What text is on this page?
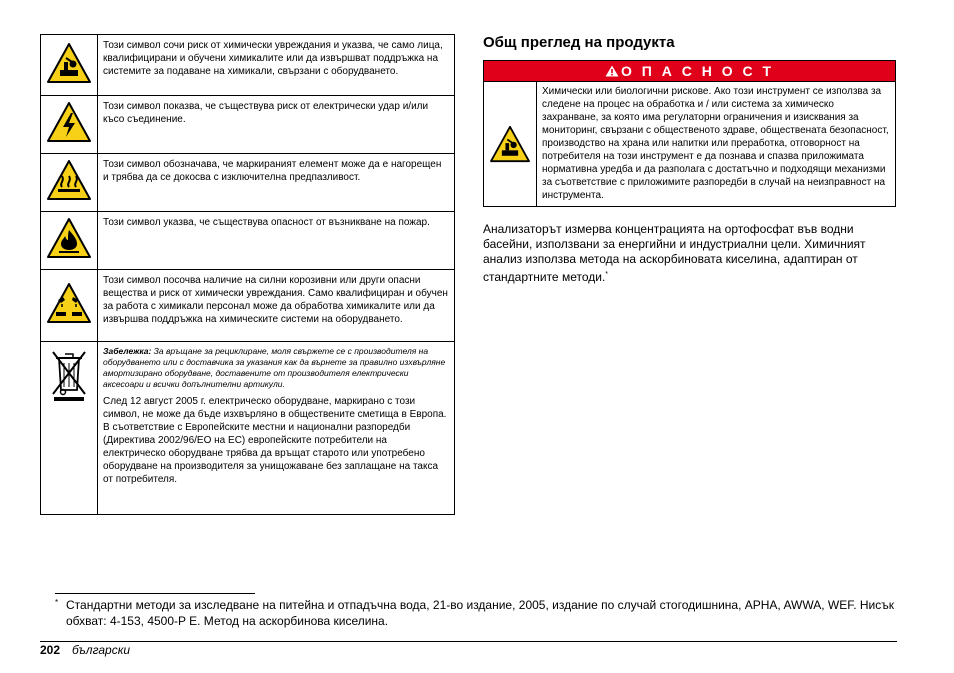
	Този символ сочи риск от химически увреждания и указва, че само лица, квалифицирани и обучени химикалите или да извършват поддръжка на системите за подаване на химикали, свързани с оборудването.
	Този символ показва, че съществува риск от електрически удар и/или късо съединение.
	Този символ обозначава, че маркираният елемент може да е нагорещен и трябва да се докосва с изключителна предпазливост.
	Този символ указва, че съществува опасност от възникване на пожар.
	Този символ посочва наличие на силни корозивни или други опасни вещества и риск от химически увреждания. Само квалифициран и обучен за работа с химикали персонал може да обработва химикалите или да извършва поддръжка на химическите системи на оборудването.

Забележка: За връщане за рециклиране, моля свържете се с производителя на оборудването или с доставчика за указания как да върнете за правилно изхвърляне амортизирано оборудване, доставените от производителя електрически аксесоари и всички допълнителни артикули.
След 12 август 2005 г. електрическо оборудване, маркирано с този символ, не може да бъде изхвърляно в обществените сметища в Европа. В съответствие с Европейските местни и национални разпоредби (Директива 2002/96/ЕО на ЕС) европейските потребители на електрическо оборудване трябва да връщат старото или употребено оборудване на производителя за унищожаване без заплащане на такса от потребителя.
Общ преглед на продукта
О П А С Н О С Т
Химически или биологични рискове. Ако този инструмент се използва за следене на процес на обработка и / или система за химическо захранване, за която има регулаторни ограничения и изисквания за мониторинг, свързани с общественото здраве, обществената безопасност, производство на храна или напитки или преработка, отговорност на потребителя на този инструмент е да познава и спазва приложимата нормативна уредба и да разполага с достатъчно и подходящи механизми за съответствие с приложимите разпоредби в случай на неизправност на инструмента.
Анализаторът измерва концентрацията на ортофосфат във водни басейни, използвани за енергийни и индустриални цели. Химичният анализ използва метода на аскорбиновата киселина, адаптиран от стандартните методи.*
* Стандартни методи за изследване на питейна и отпадъчна вода, 21-во издание, 2005, издание по случай стогодишнина, APHA, AWWA, WEF. Нисък обхват: 4-153, 4500-P E. Метод на аскорбинова киселина.
202 български
